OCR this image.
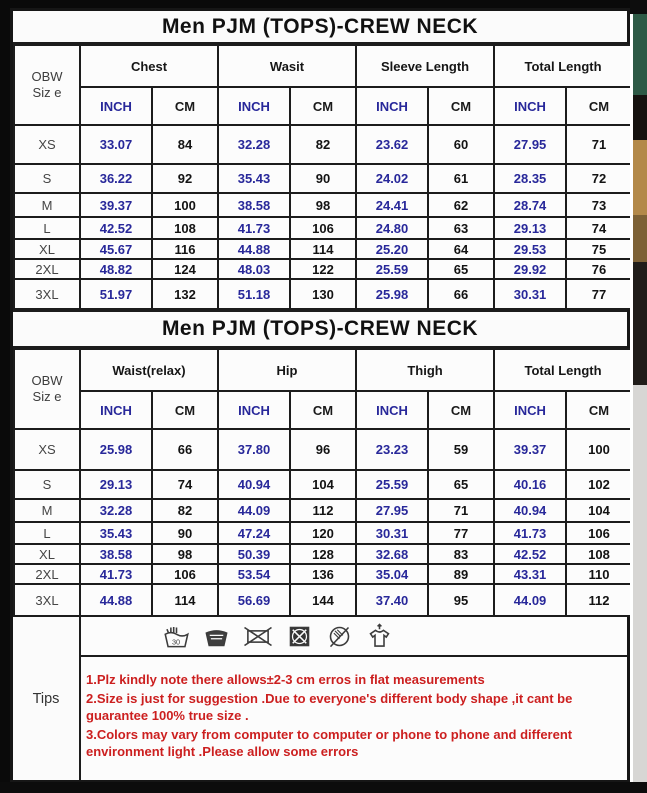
Men PJM (TOPS)-CREW NECK
OBW
Siz e	Chest		Wasit		Sleeve Length		Total Length	
	INCH	CM	INCH	CM	INCH	CM	INCH	CM
XS	33.07	84	32.28	82	23.62	60	27.95	71
S	36.22	92	35.43	90	24.02	61	28.35	72
M	39.37	100	38.58	98	24.41	62	28.74	73
L	42.52	108	41.73	106	24.80	63	29.13	74
XL	45.67	116	44.88	114	25.20	64	29.53	75
2XL	48.82	124	48.03	122	25.59	65	29.92	76
3XL	51.97	132	51.18	130	25.98	66	30.31	77
Men PJM (TOPS)-CREW NECK
OBW
Siz e	Waist(relax)		Hip		Thigh		Total Length	
	INCH	CM	INCH	CM	INCH	CM	INCH	CM
XS	25.98	66	37.80	96	23.23	59	39.37	100
S	29.13	74	40.94	104	25.59	65	40.16	102
M	32.28	82	44.09	112	27.95	71	40.94	104
L	35.43	90	47.24	120	30.31	77	41.73	106
XL	38.58	98	50.39	128	32.68	83	42.52	108
2XL	41.73	106	53.54	136	35.04	89	43.31	110
3XL	44.88	114	56.69	144	37.40	95	44.09	112
Tips
30

1.Plz kindly note there allows±2-3 cm erros in flat measurements

2.Size is just for suggestion .Due to everyone's different body shape ,it cant be guarantee 100% true size .

3.Colors may vary from computer to computer or phone to phone and different environment light .Please allow some errors
